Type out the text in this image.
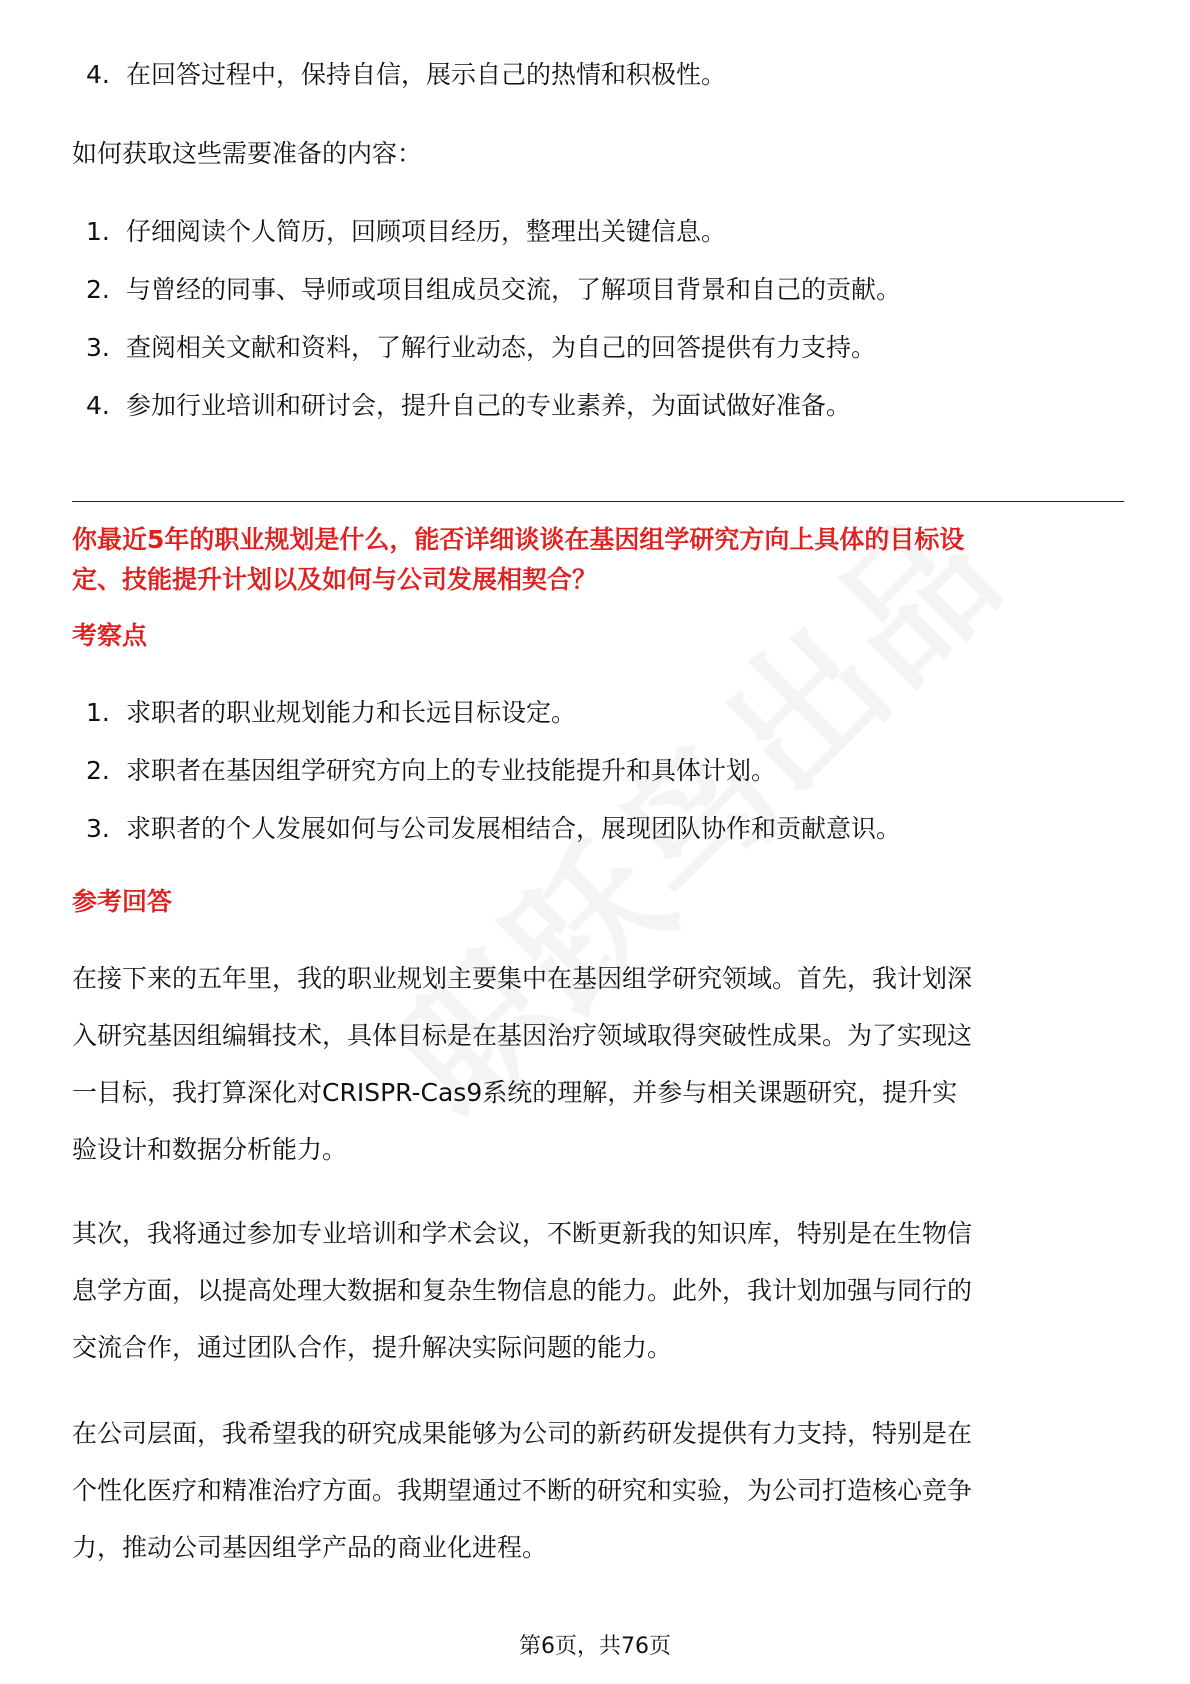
4. 在回答过程中，保持自信，展示自己的热情和积极性。
如何获取这些需要准备的内容：
1. 仔细阅读个人简历，回顾项目经历，整理出关键信息。
2. 与曾经的同事、导师或项目组成员交流，了解项目背景和自己的贡献。
3. 查阅相关文献和资料，了解行业动态，为自己的回答提供有力支持。
4. 参加行业培训和研讨会，提升自己的专业素养，为面试做好准备。
你最近5年的职业规划是什么，能否详细谈谈在基因组学研究方向上具体的目标设
定、技能提升计划以及如何与公司发展相契合？
考察点
1. 求职者的职业规划能力和长远目标设定。
2. 求职者在基因组学研究方向上的专业技能提升和具体计划。
3. 求职者的个人发展如何与公司发展相结合，展现团队协作和贡献意识。
参考回答
在接下来的五年里，我的职业规划主要集中在基因组学研究领域。首先，我计划深
入研究基因组编辑技术，具体目标是在基因治疗领域取得突破性成果。为了实现这
一目标，我打算深化对CRISPR-Cas9系统的理解，并参与相关课题研究，提升实
验设计和数据分析能力。
其次，我将通过参加专业培训和学术会议，不断更新我的知识库，特别是在生物信
息学方面，以提高处理大数据和复杂生物信息的能力。此外，我计划加强与同行的
交流合作，通过团队合作，提升解决实际问题的能力。
在公司层面，我希望我的研究成果能够为公司的新药研发提供有力支持，特别是在
个性化医疗和精准治疗方面。我期望通过不断的研究和实验，为公司打造核心竞争
力，推动公司基因组学产品的商业化进程。
第6页，共76页
